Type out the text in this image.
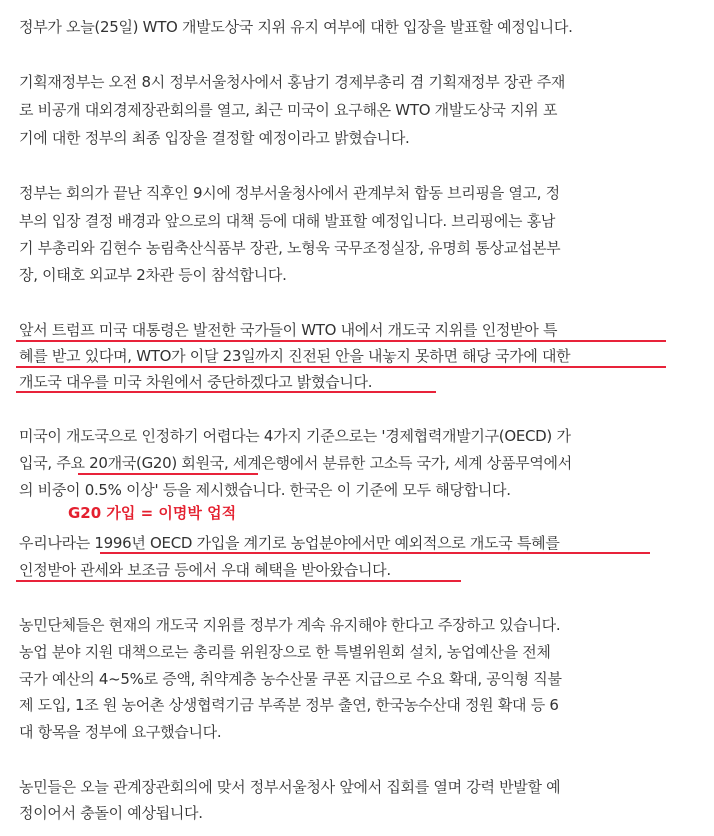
정부가 오늘(25일) WTO 개발도상국 지위 유지 여부에 대한 입장을 발표할 예정입니다.
기획재정부는 오전 8시 정부서울청사에서 홍남기 경제부총리 겸 기획재정부 장관 주재
로 비공개 대외경제장관회의를 열고, 최근 미국이 요구해온 WTO 개발도상국 지위 포
기에 대한 정부의 최종 입장을 결정할 예정이라고 밝혔습니다.
정부는 회의가 끝난 직후인 9시에 정부서울청사에서 관계부처 합동 브리핑을 열고, 정
부의 입장 결정 배경과 앞으로의 대책 등에 대해 발표할 예정입니다. 브리핑에는 홍남
기 부총리와 김현수 농림축산식품부 장관, 노형욱 국무조정실장, 유명희 통상교섭본부
장, 이태호 외교부 2차관 등이 참석합니다.
앞서 트럼프 미국 대통령은 발전한 국가들이 WTO 내에서 개도국 지위를 인정받아 특
혜를 받고 있다며, WTO가 이달 23일까지 진전된 안을 내놓지 못하면 해당 국가에 대한
개도국 대우를 미국 차원에서 중단하겠다고 밝혔습니다.
미국이 개도국으로 인정하기 어렵다는 4가지 기준으로는 '경제협력개발기구(OECD) 가
입국, 주요 20개국(G20) 회원국, 세계은행에서 분류한 고소득 국가, 세계 상품무역에서
의 비중이 0.5% 이상' 등을 제시했습니다. 한국은 이 기준에 모두 해당합니다.
G20 가입 = 이명박 업적
우리나라는 1996년 OECD 가입을 계기로 농업분야에서만 예외적으로 개도국 특혜를
인정받아 관세와 보조금 등에서 우대 혜택을 받아왔습니다.
농민단체들은 현재의 개도국 지위를 정부가 계속 유지해야 한다고 주장하고 있습니다.
농업 분야 지원 대책으로는 총리를 위원장으로 한 특별위원회 설치, 농업예산을 전체
국가 예산의 4~5%로 증액, 취약계층 농수산물 쿠폰 지급으로 수요 확대, 공익형 직불
제 도입, 1조 원 농어촌 상생협력기금 부족분 정부 출연, 한국농수산대 정원 확대 등 6
대 항목을 정부에 요구했습니다.
농민들은 오늘 관계장관회의에 맞서 정부서울청사 앞에서 집회를 열며 강력 반발할 예
정이어서 충돌이 예상됩니다.
